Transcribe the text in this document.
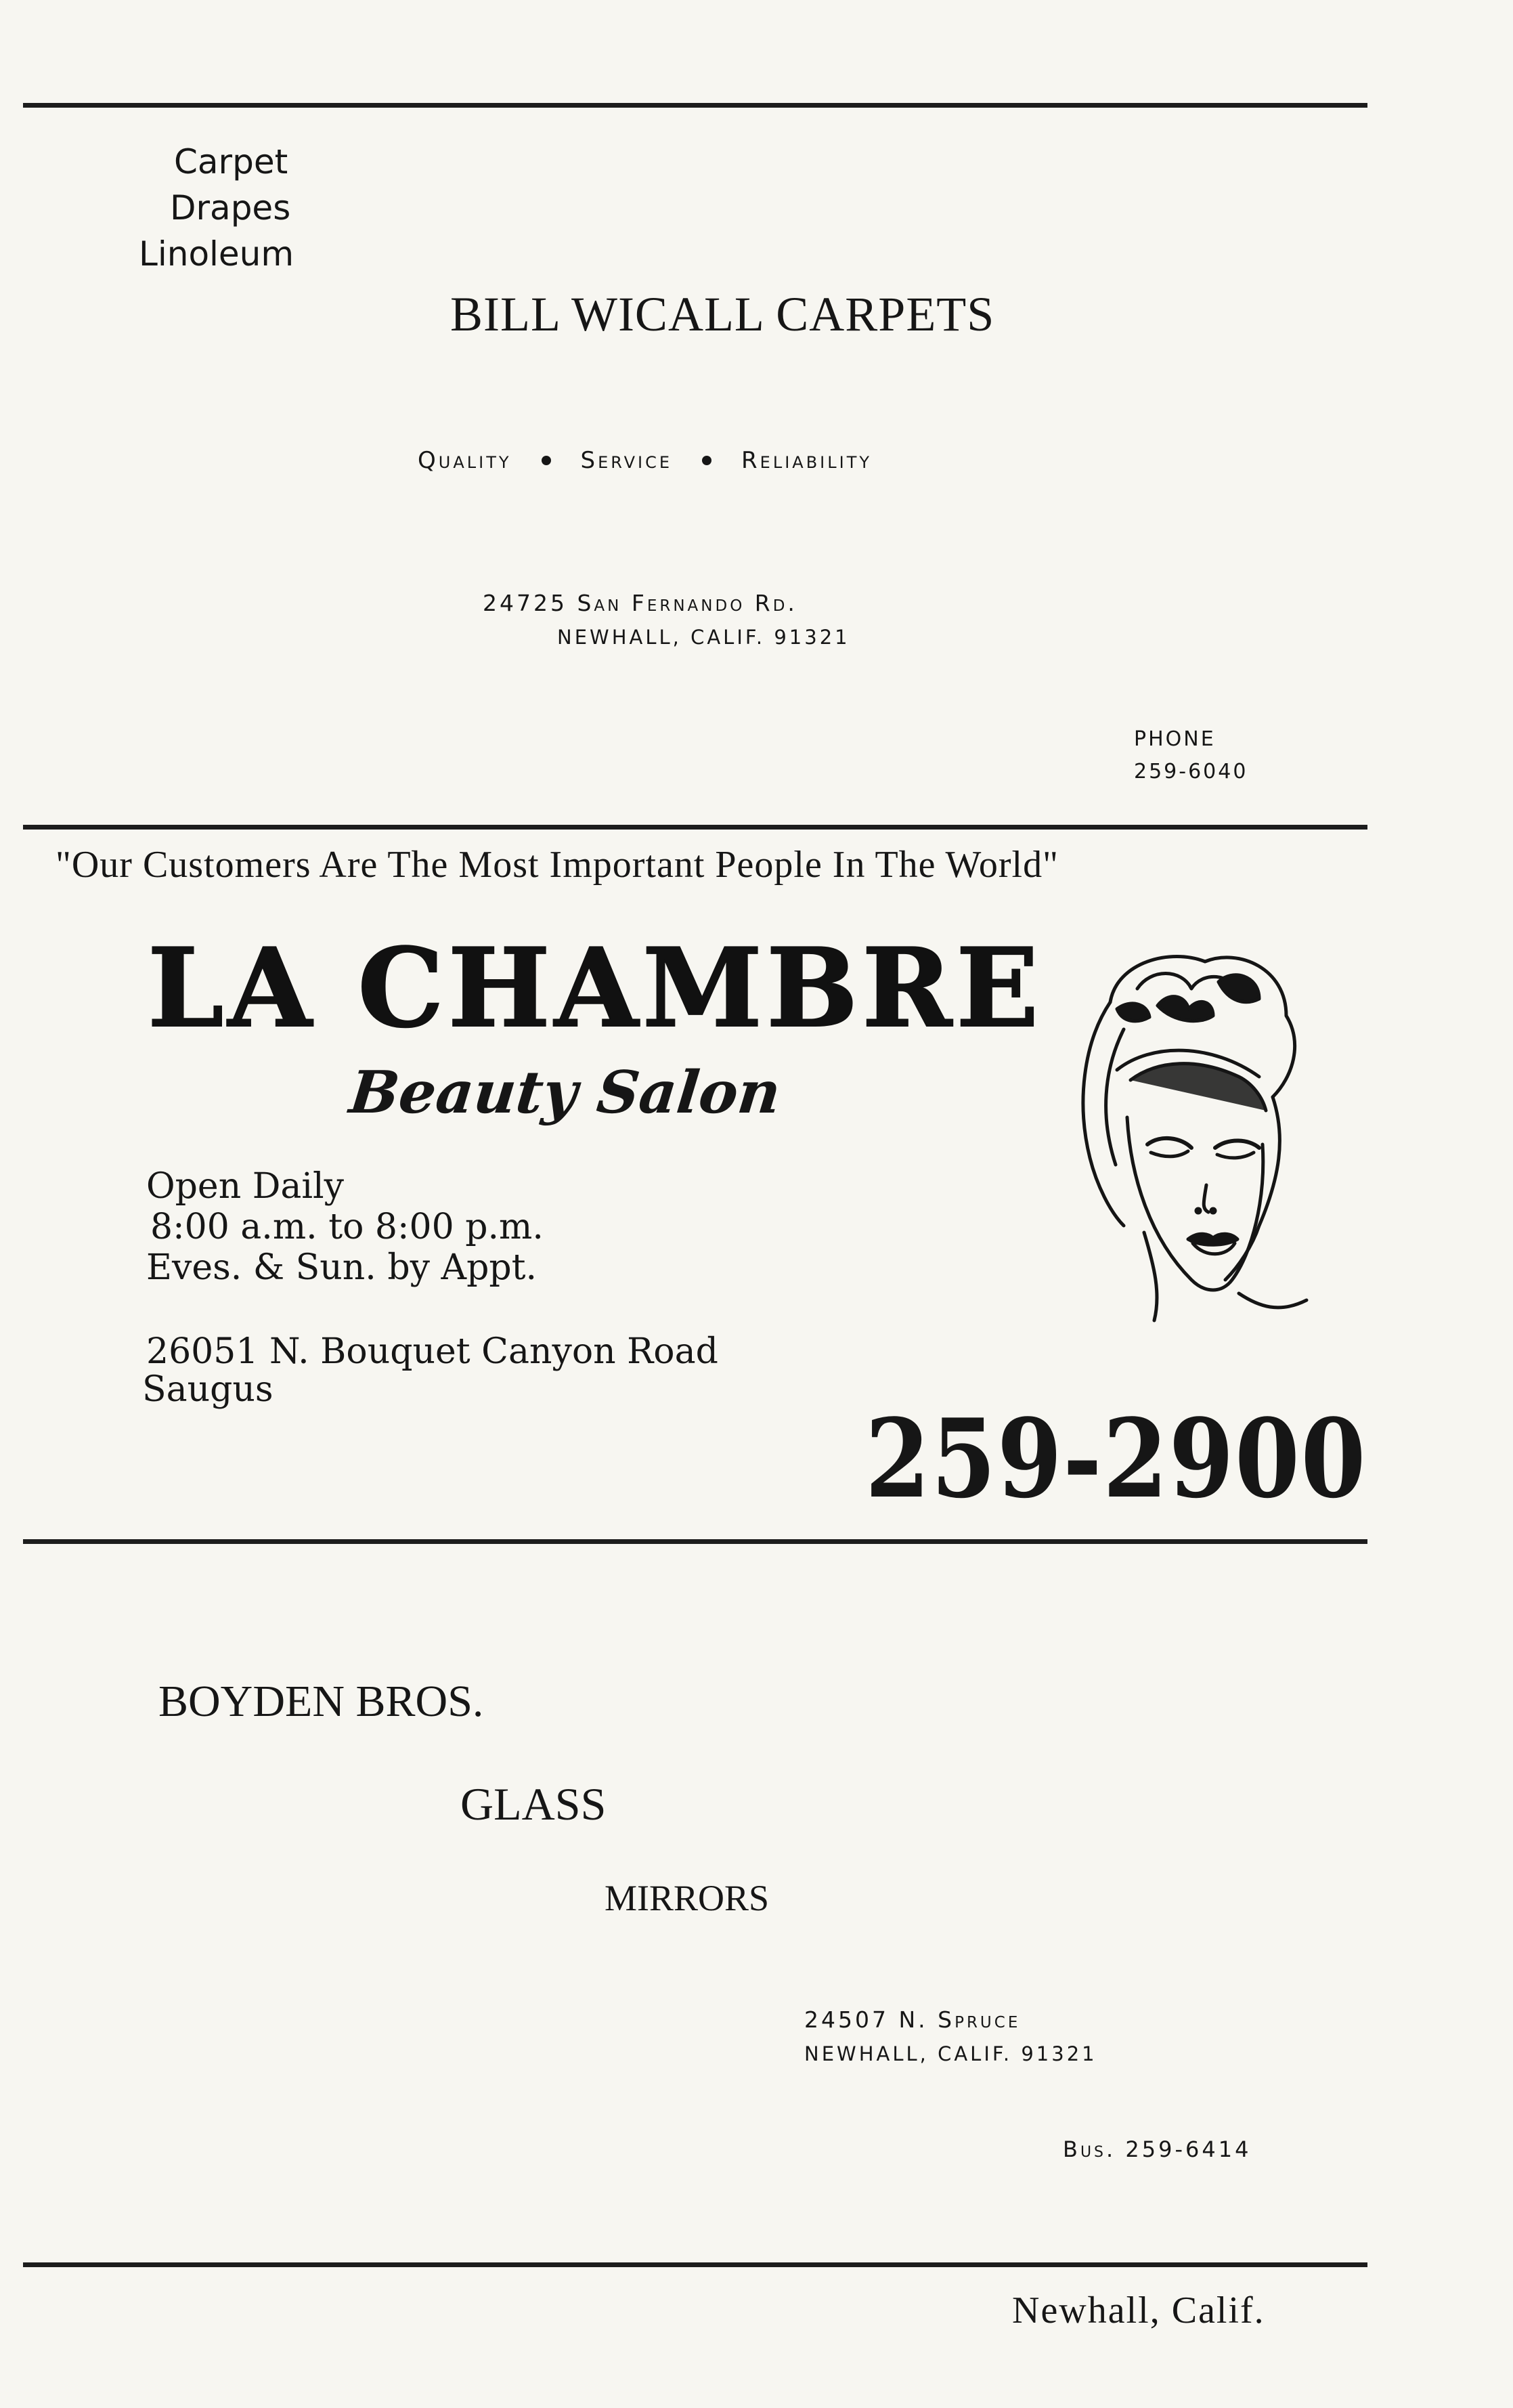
Carpet
Drapes
Linoleum
BILL WICALL CARPETS
Quality	Service	Reliability
24725 San Fernando Rd.
NEWHALL, CALIF. 91321
PHONE
259-6040
"Our Customers Are The Most Important People In The World"
LA CHAMBRE
Beauty Salon
Open Daily
8:00 a.m. to 8:00 p.m.
Eves. & Sun. by Appt.
26051 N. Bouquet Canyon Road
Saugus
259-2900
BOYDEN BROS.
GLASS
MIRRORS
24507 N. Spruce
NEWHALL, CALIF. 91321
Bus. 259-6414
Newhall, Calif.
